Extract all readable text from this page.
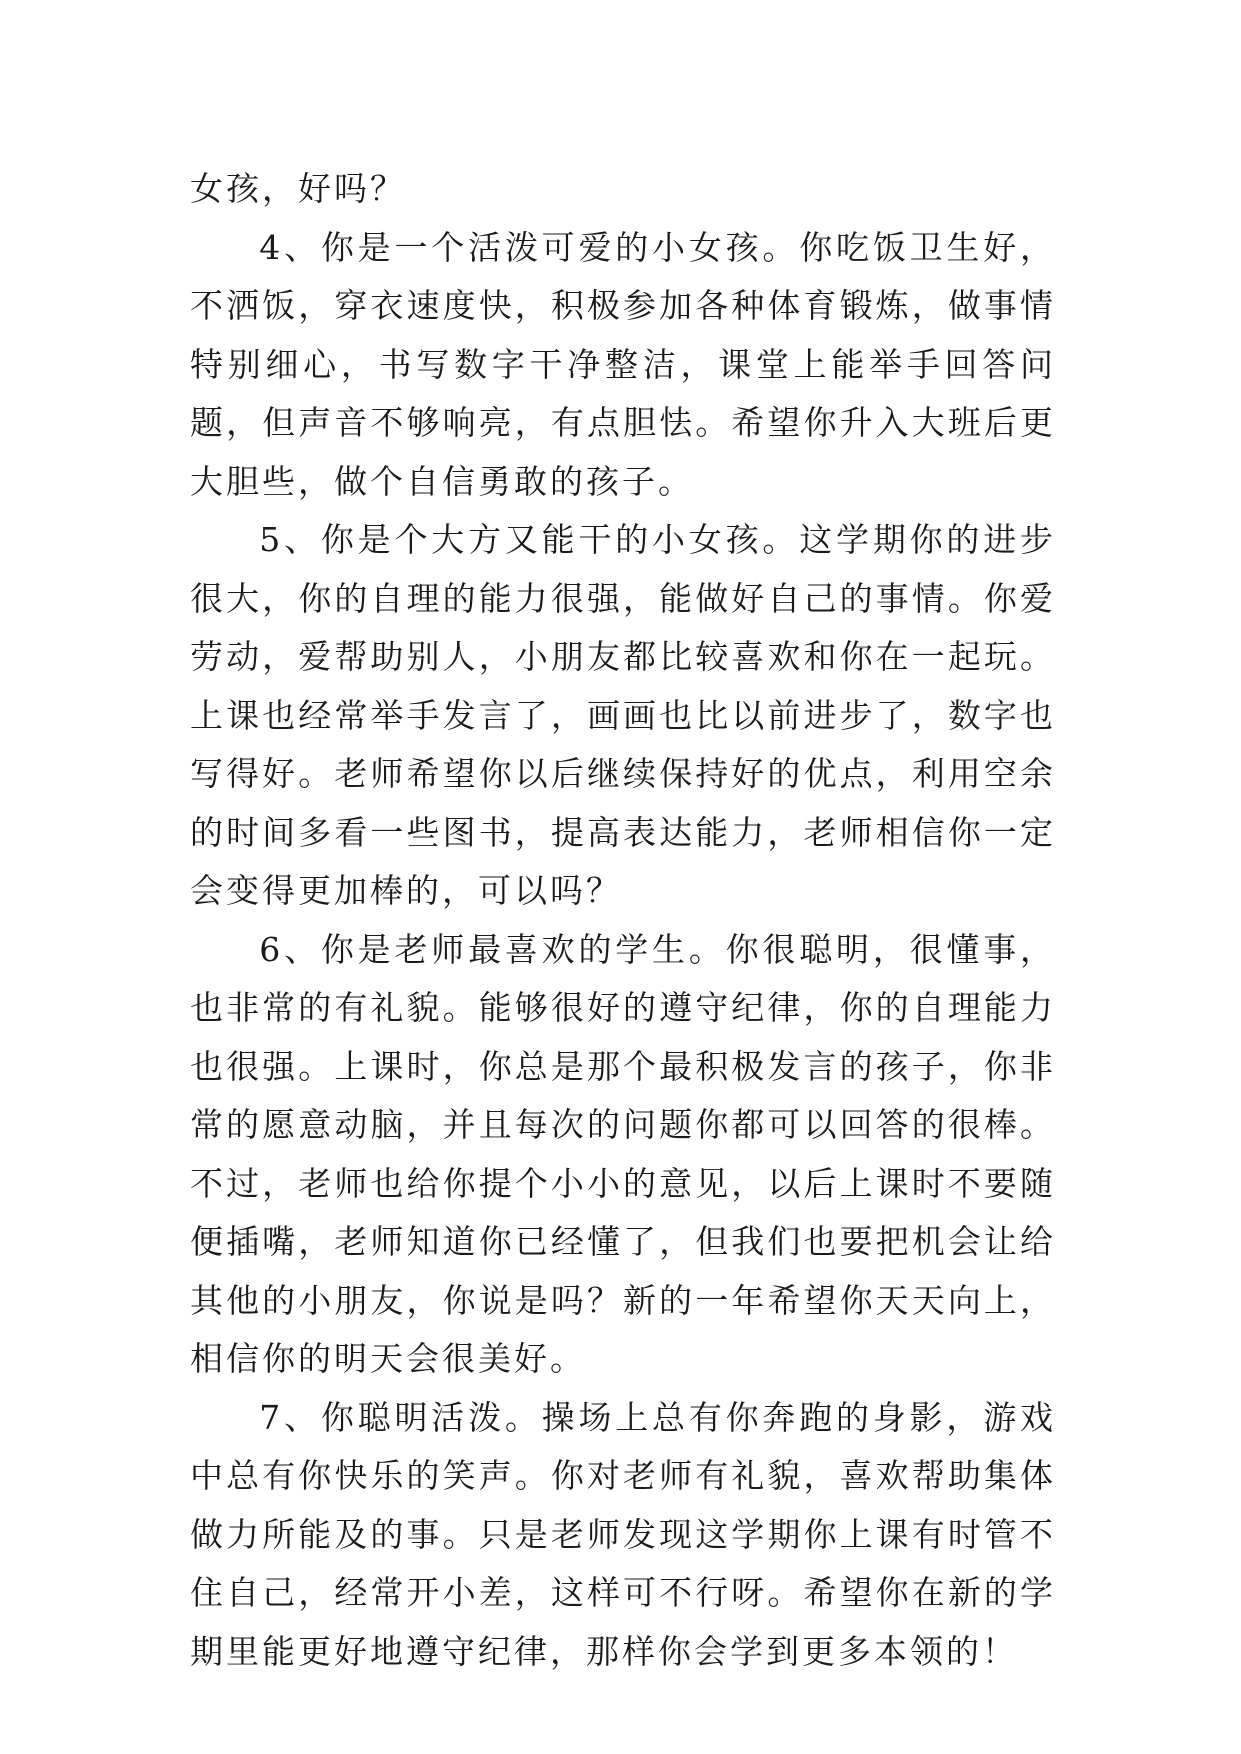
女孩，好吗？

4、你是一个活泼可爱的小女孩。你吃饭卫生好，不洒饭，穿衣速度快，积极参加各种体育锻炼，做事情特别细心，书写数字干净整洁，课堂上能举手回答问题，但声音不够响亮，有点胆怯。希望你升入大班后更大胆些，做个自信勇敢的孩子。

5、你是个大方又能干的小女孩。这学期你的进步很大，你的自理的能力很强，能做好自己的事情。你爱劳动，爱帮助别人，小朋友都比较喜欢和你在一起玩。上课也经常举手发言了，画画也比以前进步了，数字也写得好。老师希望你以后继续保持好的优点，利用空余的时间多看一些图书，提高表达能力，老师相信你一定会变得更加棒的，可以吗？

6、你是老师最喜欢的学生。你很聪明，很懂事，也非常的有礼貌。能够很好的遵守纪律，你的自理能力也很强。上课时，你总是那个最积极发言的孩子，你非常的愿意动脑，并且每次的问题你都可以回答的很棒。不过，老师也给你提个小小的意见，以后上课时不要随便插嘴，老师知道你已经懂了，但我们也要把机会让给其他的小朋友，你说是吗？新的一年希望你天天向上，相信你的明天会很美好。

7、你聪明活泼。操场上总有你奔跑的身影，游戏中总有你快乐的笑声。你对老师有礼貌，喜欢帮助集体做力所能及的事。只是老师发现这学期你上课有时管不住自己，经常开小差，这样可不行呀。希望你在新的学期里能更好地遵守纪律，那样你会学到更多本领的！
